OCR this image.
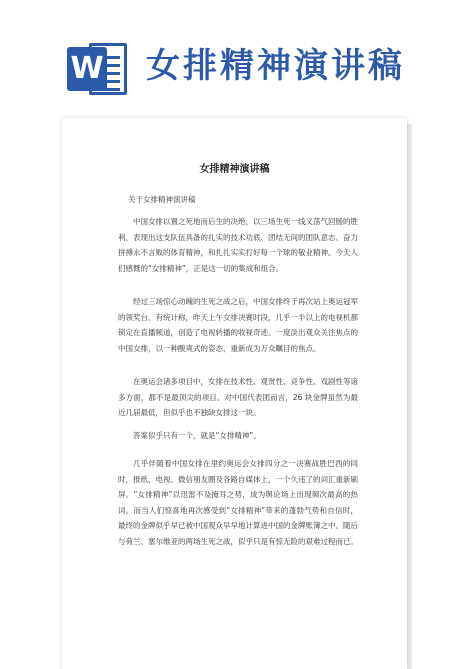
W 女排精神演讲稿
女排精神演讲稿
关于女排精神演讲稿

中国女排以置之死地而后生的决绝，以三场生死一线又荡气回肠的胜利，表现出这支队伍具备的扎实的技术功底、团结无间的团队意志、奋力拼搏永不言败的体育精神，和扎扎实实打好每一个球的敬业精神。今天人们感慨的“女排精神”，正是这一切的集成和组合。

经过三场惊心动魄的生死之战之后，中国女排终于再次站上奥运冠军的领奖台。有统计称，昨天上午女排决赛时段，几乎一半以上的电视机都锁定在直播频道，创造了电视转播的收视奇迹。一度淡出观众关注焦点的中国女排，以一种酸爽式的姿态，重新成为万众瞩目的焦点。

在奥运会诸多项目中，女排在技术性、观赏性、竞争性、戏剧性等诸多方面，都不是最顶尖的项目。对中国代表团而言，26 块金牌虽然为最近几届最低，但似乎也不独缺女排这一块。

答案似乎只有一个，就是“女排精神”。

几乎伴随着中国女排在里约奥运会女排四分之一决赛战胜巴西的同时，报纸、电视、微信朋友圈及各路自媒体上，一个久违了的词汇重新刷屏。“女排精神”以迅雷不及掩耳之势，成为舆论场上出现频次最高的热词。而当人们惊喜地再次感受到“女排精神”带来的蓬勃气势和自信时，最终的金牌似乎早已被中国观众早早地计算进中国的金牌账簿之中。随后与荷兰、塞尔维亚的两场生死之战，似乎只是有惊无险的艰难过程而已。
